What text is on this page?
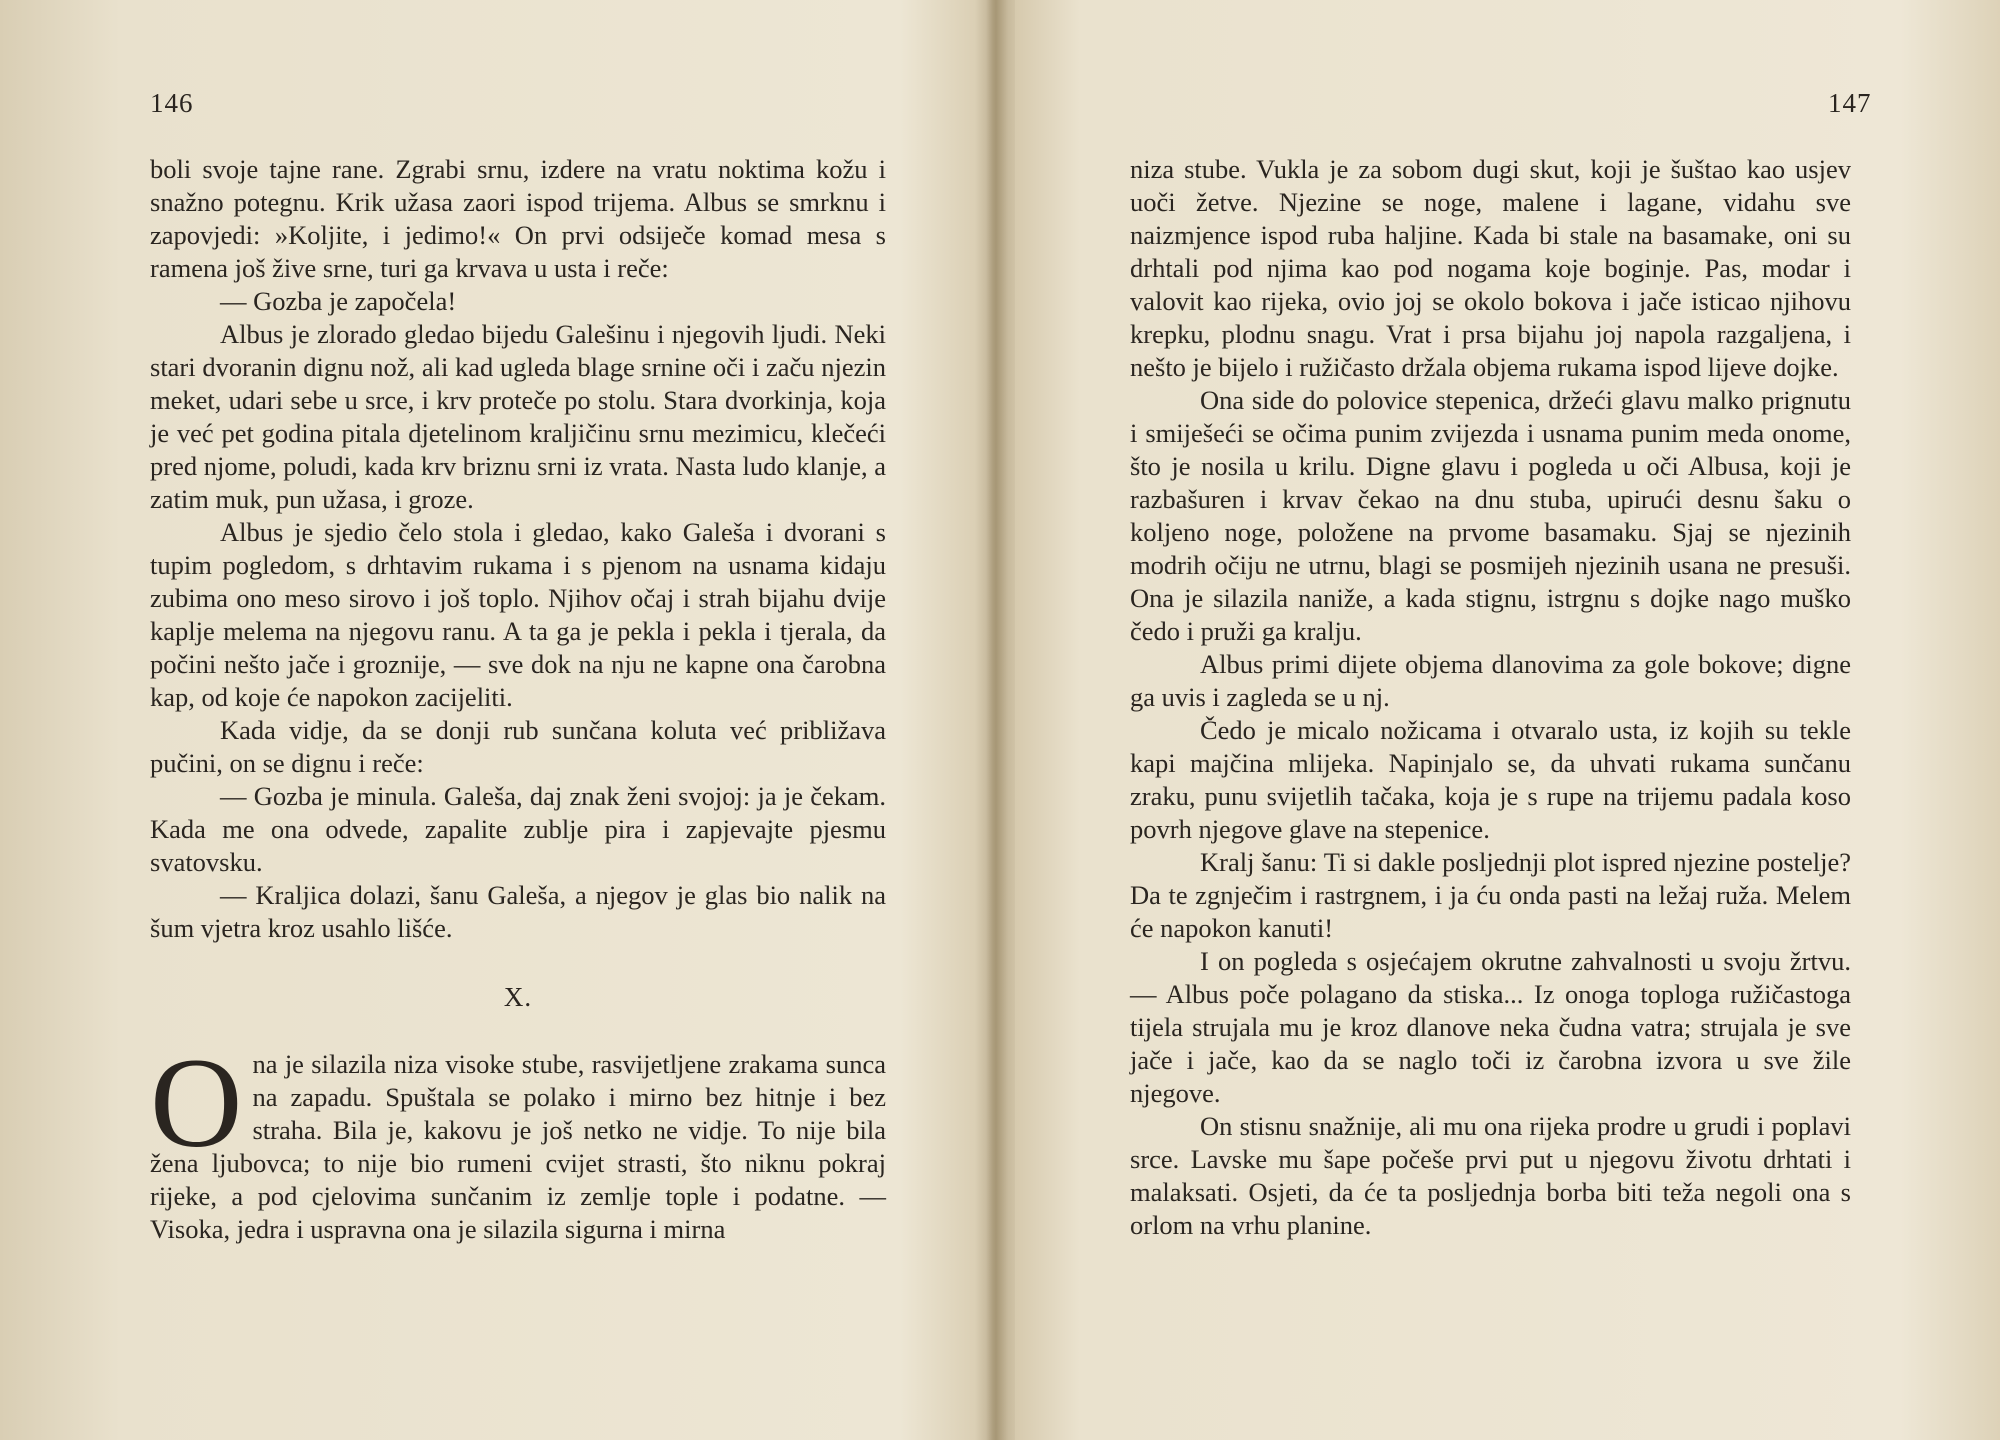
146

boli svoje tajne rane. Zgrabi srnu, izdere na vratu noktima kožu i snažno potegnu. Krik užasa zaori ispod trijema. Albus se smrknu i zapovjedi: »Koljite, i jedimo!« On prvi odsiječe komad mesa s ramena još žive srne, turi ga krvava u usta i reče:

— Gozba je započela!

Albus je zlorado gledao bijedu Galešinu i njegovih ljudi. Neki stari dvoranin dignu nož, ali kad ugleda blage srnine oči i začu njezin meket, udari sebe u srce, i krv proteče po stolu. Stara dvorkinja, koja je već pet godina pitala djetelinom kraljičinu srnu mezimicu, klečeći pred njome, poludi, kada krv briznu srni iz vrata. Nasta ludo klanje, a zatim muk, pun užasa, i groze.

Albus je sjedio čelo stola i gledao, kako Galeša i dvorani s tupim pogledom, s drhtavim rukama i s pjenom na usnama kidaju zubima ono meso sirovo i još toplo. Njihov očaj i strah bijahu dvije kaplje melema na njegovu ranu. A ta ga je pekla i pekla i tjerala, da počini nešto jače i groznije, — sve dok na nju ne kapne ona čarobna kap, od koje će napokon zacijeliti.

Kada vidje, da se donji rub sunčana koluta već približava pučini, on se dignu i reče:

— Gozba je minula. Galeša, daj znak ženi svojoj: ja je čekam. Kada me ona odvede, zapalite zublje pira i zapjevajte pjesmu svatovsku.

— Kraljica dolazi, šanu Galeša, a njegov je glas bio nalik na šum vjetra kroz usahlo lišće.

X.

Ona je silazila niza visoke stube, rasvijetljene zrakama sunca na zapadu. Spuštala se polako i mirno bez hitnje i bez straha. Bila je, kakovu je još netko ne vidje. To nije bila žena ljubovca; to nije bio rumeni cvijet strasti, što niknu pokraj rijeke, a pod cjelovima sunčanim iz zemlje tople i podatne. — Visoka, jedra i uspravna ona je silazila sigurna i mirna

147

niza stube. Vukla je za sobom dugi skut, koji je šuštao kao usjev uoči žetve. Njezine se noge, malene i lagane, vidahu sve naizmjence ispod ruba haljine. Kada bi stale na basamake, oni su drhtali pod njima kao pod nogama koje boginje. Pas, modar i valovit kao rijeka, ovio joj se okolo bokova i jače isticao njihovu krepku, plodnu snagu. Vrat i prsa bijahu joj napola razgaljena, i nešto je bijelo i ružičasto držala objema rukama ispod lijeve dojke.

Ona side do polovice stepenica, držeći glavu malko prignutu i smiješeći se očima punim zvijezda i usnama punim meda onome, što je nosila u krilu. Digne glavu i pogleda u oči Albusa, koji je razbašuren i krvav čekao na dnu stuba, upirući desnu šaku o koljeno noge, položene na prvome basamaku. Sjaj se njezinih modrih očiju ne utrnu, blagi se posmijeh njezinih usana ne presuši. Ona je silazila naniže, a kada stignu, istrgnu s dojke nago muško čedo i pruži ga kralju.

Albus primi dijete objema dlanovima za gole bokove; digne ga uvis i zagleda se u nj.

Čedo je micalo nožicama i otvaralo usta, iz kojih su tekle kapi majčina mlijeka. Napinjalo se, da uhvati rukama sunčanu zraku, punu svijetlih tačaka, koja je s rupe na trijemu padala koso povrh njegove glave na stepenice.

Kralj šanu: Ti si dakle posljednji plot ispred njezine postelje? Da te zgnječim i rastrgnem, i ja ću onda pasti na ležaj ruža. Melem će napokon kanuti!

I on pogleda s osjećajem okrutne zahvalnosti u svoju žrtvu. — Albus poče polagano da stiska... Iz onoga toploga ružičastoga tijela strujala mu je kroz dlanove neka čudna vatra; strujala je sve jače i jače, kao da se naglo toči iz čarobna izvora u sve žile njegove.

On stisnu snažnije, ali mu ona rijeka prodre u grudi i poplavi srce. Lavske mu šape počeše prvi put u njegovu životu drhtati i malaksati. Osjeti, da će ta posljednja borba biti teža negoli ona s orlom na vrhu planine.
